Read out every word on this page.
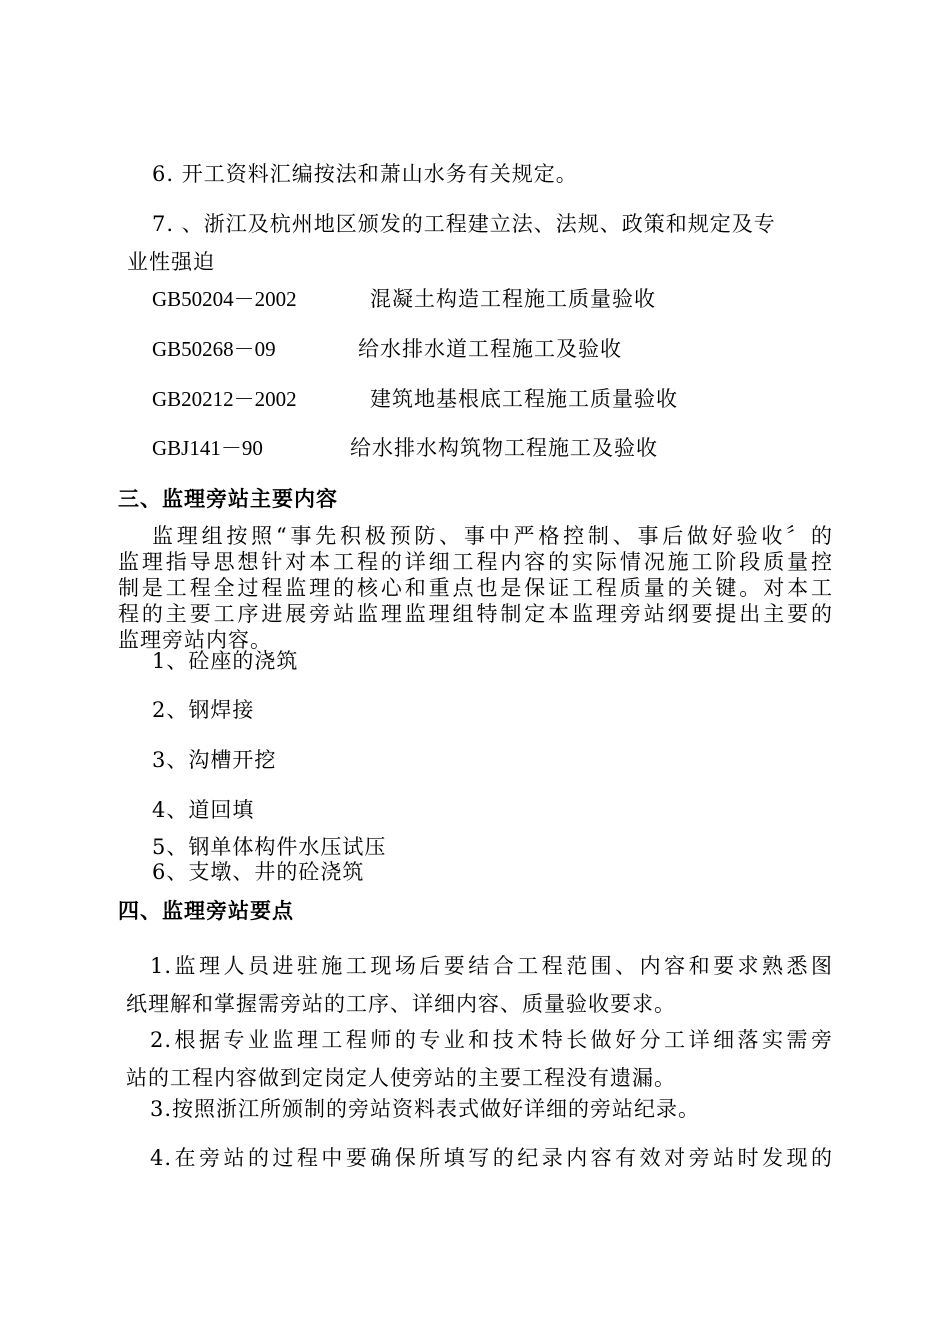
6. 开工资料汇编按法和萧山水务有关规定。
7. 、浙江及杭州地区颁发的工程建立法、法规、政策和规定及专
业性强迫
GB50204－2002	混凝土构造工程施工质量验收
GB50268－09	给水排水道工程施工及验收
GB20212－2002	建筑地基根底工程施工质量验收
GBJ141－90	给水排水构筑物工程施工及验收
三、监理旁站主要内容
监理组按照“事先积极预防、事中严格控制、事后做好验收〞的
监理指导思想针对本工程的详细工程内容的实际情况施工阶段质量控
制是工程全过程监理的核心和重点也是保证工程质量的关键。对本工
程的主要工序进展旁站监理监理组特制定本监理旁站纲要提出主要的
监理旁站内容。
1、砼座的浇筑
2、钢焊接
3、沟槽开挖
4、道回填
5、钢单体构件水压试压
6、支墩、井的砼浇筑
四、监理旁站要点
1.监理人员进驻施工现场后要结合工程范围、内容和要求熟悉图
纸理解和掌握需旁站的工序、详细内容、质量验收要求。
2.根据专业监理工程师的专业和技术特长做好分工详细落实需旁
站的工程内容做到定岗定人使旁站的主要工程没有遗漏。
3.按照浙江所颁制的旁站资料表式做好详细的旁站纪录。
4.在旁站的过程中要确保所填写的纪录内容有效对旁站时发现的
